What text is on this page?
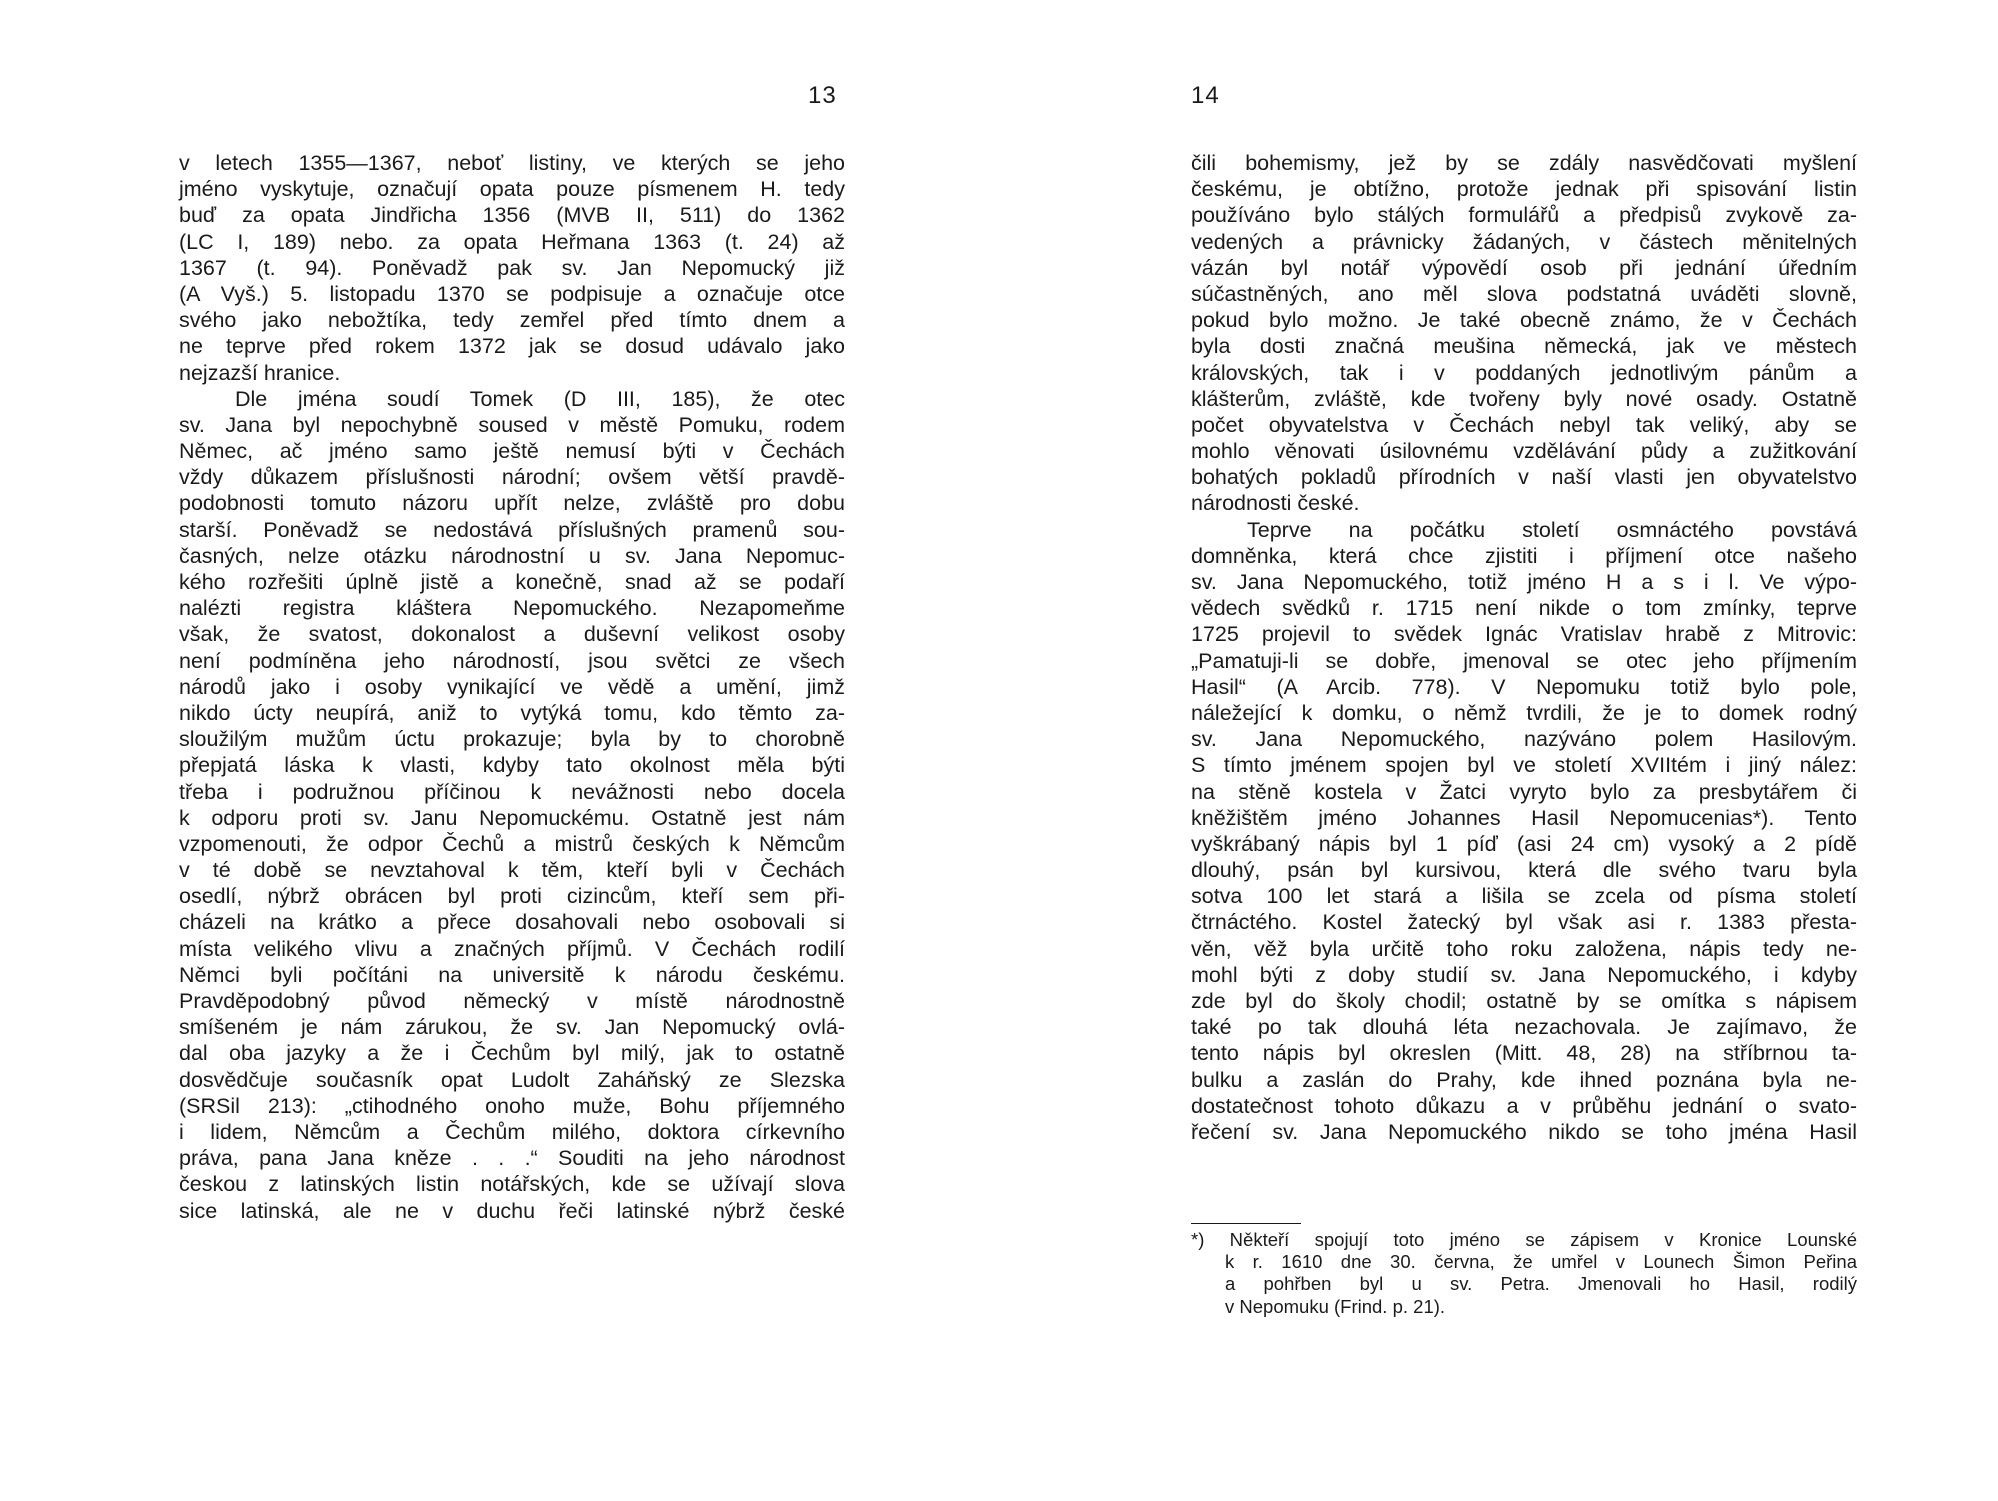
13
v letech 1355—1367, neboť listiny, ve kterých se jeho
jméno vyskytuje, označují opata pouze písmenem H. tedy
buď za opata Jindřicha 1356 (MVB II, 511) do 1362
(LC I, 189) nebo. za opata Heřmana 1363 (t. 24) až
1367 (t. 94). Poněvadž pak sv. Jan Nepomucký již
(A Vyš.) 5. listopadu 1370 se podpisuje a označuje otce
svého jako nebožtíka, tedy zemřel před tímto dnem a
ne teprve před rokem 1372 jak se dosud udávalo jako
nejzazší hranice.
Dle jména soudí Tomek (D III, 185), že otec
sv. Jana byl nepochybně soused v městě Pomuku, rodem
Němec, ač jméno samo ještě nemusí býti v Čechách
vždy důkazem příslušnosti národní; ovšem větší pravdě-
podobnosti tomuto názoru upřít nelze, zvláště pro dobu
starší. Poněvadž se nedostává příslušných pramenů sou-
časných, nelze otázku národnostní u sv. Jana Nepomuc-
kého rozřešiti úplně jistě a konečně, snad až se podaří
nalézti registra kláštera Nepomuckého. Nezapomeňme
však, že svatost, dokonalost a duševní velikost osoby
není podmíněna jeho národností, jsou světci ze všech
národů jako i osoby vynikající ve vědě a umění, jimž
nikdo úcty neupírá, aniž to vytýká tomu, kdo těmto za-
sloužilým mužům úctu prokazuje; byla by to chorobně
přepjatá láska k vlasti, kdyby tato okolnost měla býti
třeba i podružnou příčinou k nevážnosti nebo docela
k odporu proti sv. Janu Nepomuckému. Ostatně jest nám
vzpomenouti, že odpor Čechů a mistrů českých k Němcům
v té době se nevztahoval k těm, kteří byli v Čechách
osedlí, nýbrž obrácen byl proti cizincům, kteří sem při-
cházeli na krátko a přece dosahovali nebo osobovali si
místa velikého vlivu a značných příjmů. V Čechách rodilí
Němci byli počítáni na universitě k národu českému.
Pravděpodobný původ německý v místě národnostně
smíšeném je nám zárukou, že sv. Jan Nepomucký ovlá-
dal oba jazyky a že i Čechům byl milý, jak to ostatně
dosvědčuje současník opat Ludolt Zaháňský ze Slezska
(SRSil 213): „ctihodného onoho muže, Bohu příjemného
i lidem, Němcům a Čechům milého, doktora církevního
práva, pana Jana kněze . . .“ Souditi na jeho národnost
českou z latinských listin notářských, kde se užívají slova
sice latinská, ale ne v duchu řeči latinské nýbrž české
14
čili bohemismy, jež by se zdály nasvědčovati myšlení
českému, je obtížno, protože jednak při spisování listin
používáno bylo stálých formulářů a předpisů zvykově za-
vedených a právnicky žádaných, v částech měnitelných
vázán byl notář výpovědí osob při jednání úředním
súčastněných, ano měl slova podstatná uváděti slovně,
pokud bylo možno. Je také obecně známo, že v Čechách
byla dosti značná meušina německá, jak ve městech
královských, tak i v poddaných jednotlivým pánům a
klášterům, zvláště, kde tvořeny byly nové osady. Ostatně
počet obyvatelstva v Čechách nebyl tak veliký, aby se
mohlo věnovati úsilovnému vzdělávání půdy a zužitkování
bohatých pokladů přírodních v naší vlasti jen obyvatelstvo
národnosti české.
Teprve na počátku století osmnáctého povstává
domněnka, která chce zjistiti i příjmení otce našeho
sv. Jana Nepomuckého, totiž jméno H a s i l. Ve výpo-
vědech svědků r. 1715 není nikde o tom zmínky, teprve
1725 projevil to svědek Ignác Vratislav hrabě z Mitrovic:
„Pamatuji-li se dobře, jmenoval se otec jeho příjmením
Hasil“ (A Arcib. 778). V Nepomuku totiž bylo pole,
náležející k domku, o němž tvrdili, že je to domek rodný
sv. Jana Nepomuckého, nazýváno polem Hasilovým.
S tímto jménem spojen byl ve století XVIItém i jiný nález:
na stěně kostela v Žatci vyryto bylo za presbytářem či
kněžištěm jméno Johannes Hasil Nepomucenias*). Tento
vyškrábaný nápis byl 1 píď (asi 24 cm) vysoký a 2 pídě
dlouhý, psán byl kursivou, která dle svého tvaru byla
sotva 100 let stará a lišila se zcela od písma století
čtrnáctého. Kostel žatecký byl však asi r. 1383 přesta-
věn, věž byla určitě toho roku založena, nápis tedy ne-
mohl býti z doby studií sv. Jana Nepomuckého, i kdyby
zde byl do školy chodil; ostatně by se omítka s nápisem
také po tak dlouhá léta nezachovala. Je zajímavo, že
tento nápis byl okreslen (Mitt. 48, 28) na stříbrnou ta-
bulku a zaslán do Prahy, kde ihned poznána byla ne-
dostatečnost tohoto důkazu a v průběhu jednání o svato-
řečení sv. Jana Nepomuckého nikdo se toho jména Hasil
*) Někteří spojují toto jméno se zápisem v Kronice Lounské
k r. 1610 dne 30. června, že umřel v Lounech Šimon Peřina
a pohřben byl u sv. Petra. Jmenovali ho Hasil, rodilý
v Nepomuku (Frind. p. 21).
